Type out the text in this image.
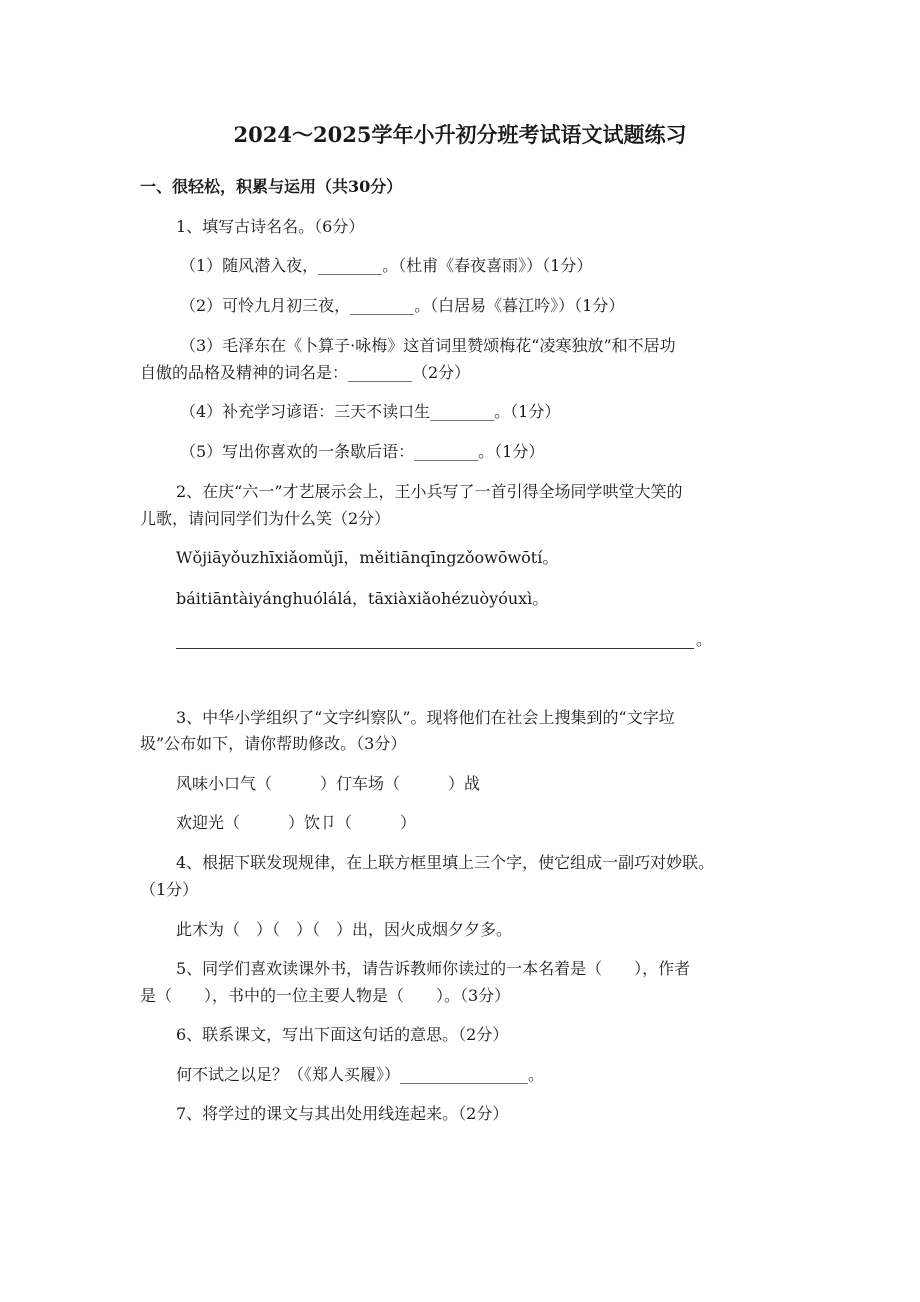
2024～2025学年小升初分班考试语文试题练习
一、很轻松，积累与运用（共30分）
1、填写古诗名名。（6分）
（1）随风潜入夜，________。（杜甫《春夜喜雨》）（1分）
（2）可怜九月初三夜，________。（白居易《暮江吟》）（1分）
（3）毛泽东在《卜算子·咏梅》这首词里赞颂梅花“凌寒独放”和不居功
自傲的品格及精神的词名是：________（2分）
（4）补充学习谚语：三天不读口生________。（1分）
（5）写出你喜欢的一条歇后语：________。（1分）
2、在庆“六一”才艺展示会上，王小兵写了一首引得全场同学哄堂大笑的
儿歌，请问同学们为什么笑（2分）
Wǒjiāyǒuzhīxiǎomǔjī，měitiānqīngzǒowōwōtí。
báitiāntàiyánghuólálá，tāxiàxiǎohézuòyóuxì。
。
3、中华小学组织了“文字纠察队”。现将他们在社会上搜集到的“文字垃
圾”公布如下，请你帮助修改。（3分）
风味小口气（　　　）仃车场（　　　）战
欢迎光（　　　）饮卩（　　　）
4、根据下联发现规律，在上联方框里填上三个字，使它组成一副巧对妙联。
（1分）
此木为（　）（　）（　）出，因火成烟夕夕多。
5、同学们喜欢读课外书，请告诉教师你读过的一本名着是（　　），作者
是（　　），书中的一位主要人物是（　　）。（3分）
6、联系课文，写出下面这句话的意思。（2分）
何不试之以足？（《郑人买履》）________________。
7、将学过的课文与其出处用线连起来。（2分）
